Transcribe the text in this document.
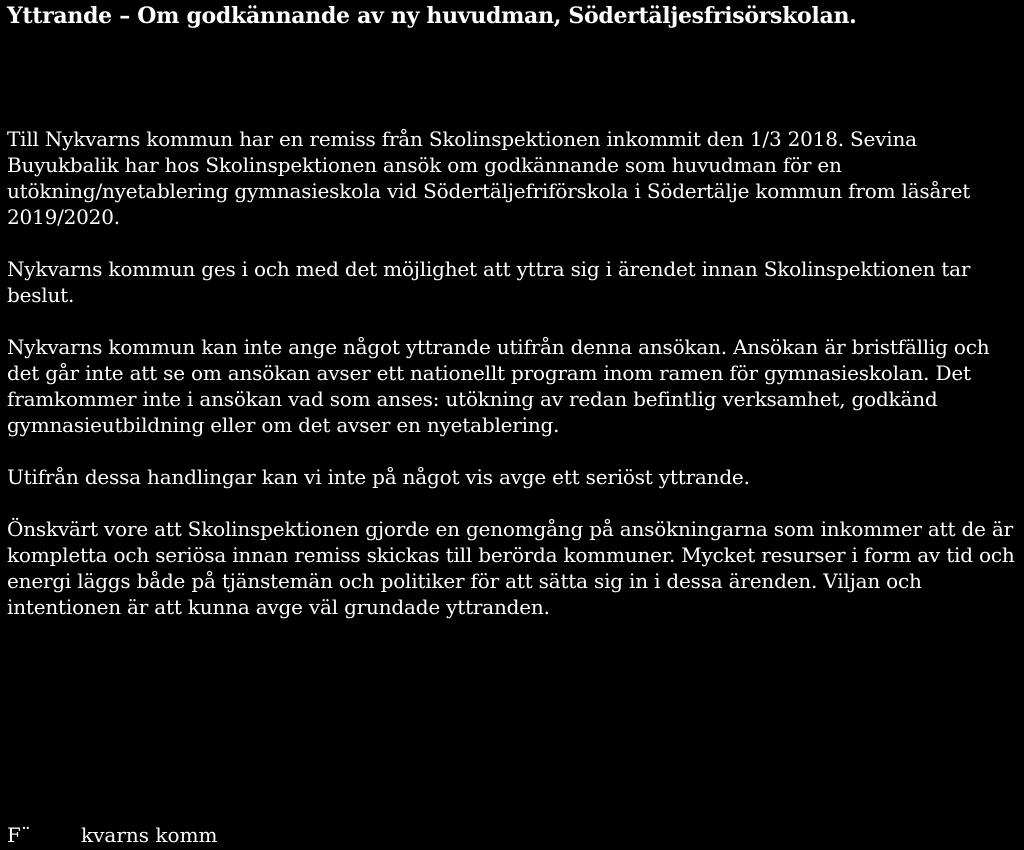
Yttrande – Om godkännande av ny huvudman, Södertäljesfrisörskolan.

Till Nykvarns kommun har en remiss från Skolinspektionen inkommit den 1/3 2018. Sevina Buyukbalik har hos Skolinspektionen ansök om godkännande som huvudman för en utökning/nyetablering gymnasieskola vid Södertäljefriförskola i Södertälje kommun from läsåret 2019/2020.

Nykvarns kommun ges i och med det möjlighet att yttra sig i ärendet innan Skolinspektionen tar beslut.

Nykvarns kommun kan inte ange något yttrande utifrån denna ansökan. Ansökan är bristfällig och det går inte att se om ansökan avser ett nationellt program inom ramen för gymnasieskolan. Det framkommer inte i ansökan vad som anses: utökning av redan befintlig verksamhet, godkänd gymnasieutbildning eller om det avser en nyetablering.

Utifrån dessa handlingar kan vi inte på något vis avge ett seriöst yttrande.

Önskvärt vore att Skolinspektionen gjorde en genomgång på ansökningarna som inkommer att de är kompletta och seriösa innan remiss skickas till berörda kommuner. Mycket resurser i form av tid och energi läggs både på tjänstemän och politiker för att sätta sig in i dessa ärenden. Viljan och intentionen är att kunna avge väl grundade yttranden.

F¨	kvarns komm
